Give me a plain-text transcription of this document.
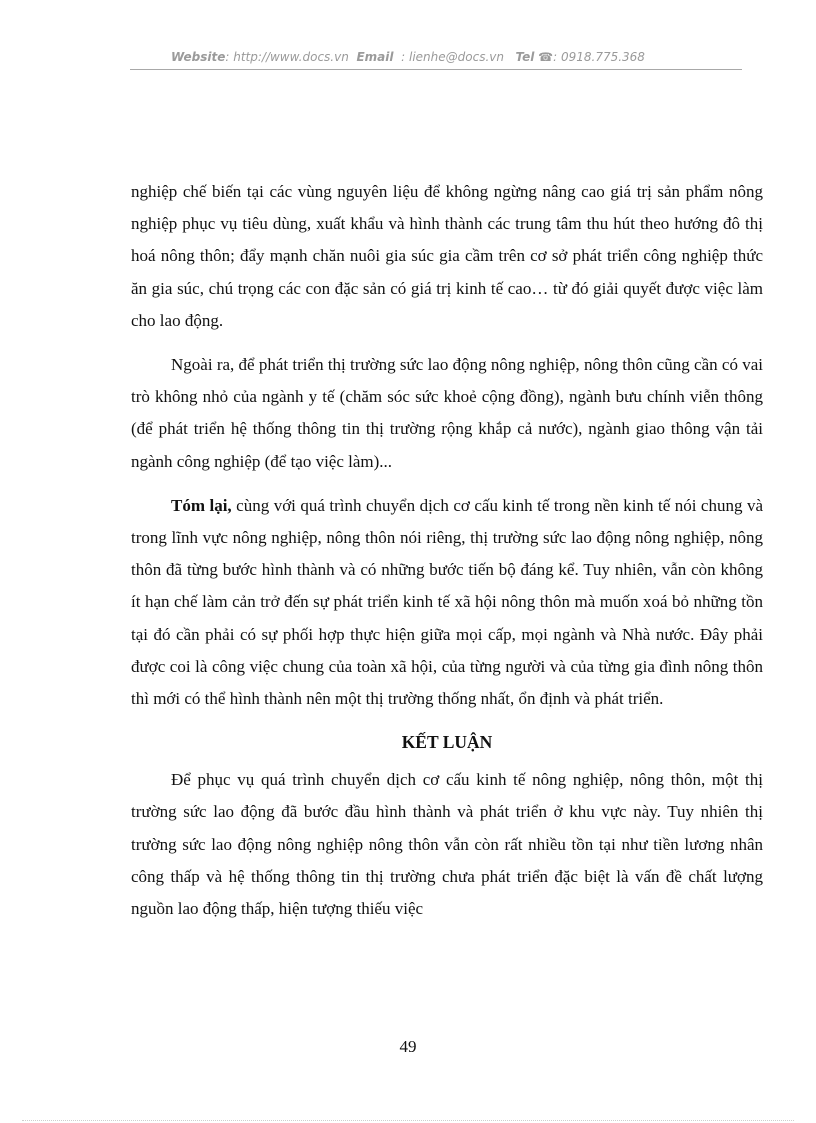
Website: http://www.docs.vn Email : lienhe@docs.vn Tel ☎: 0918.775.368

nghiệp chế biến tại các vùng nguyên liệu để không ngừng nâng cao giá trị sản phẩm nông nghiệp phục vụ tiêu dùng, xuất khẩu và hình thành các trung tâm thu hút theo hướng đô thị hoá nông thôn; đẩy mạnh chăn nuôi gia súc gia cầm trên cơ sở phát triển công nghiệp thức ăn gia súc, chú trọng các con đặc sản có giá trị kinh tế cao… từ đó giải quyết được việc làm cho lao động.

Ngoài ra, để phát triển thị trường sức lao động nông nghiệp, nông thôn cũng cần có vai trò không nhỏ của ngành y tế (chăm sóc sức khoẻ cộng đồng), ngành bưu chính viễn thông (để phát triển hệ thống thông tin thị trường rộng khắp cả nước), ngành giao thông vận tải ngành công nghiệp (để tạo việc làm)...

Tóm lại, cùng với quá trình chuyển dịch cơ cấu kinh tế trong nền kinh tế nói chung và trong lĩnh vực nông nghiệp, nông thôn nói riêng, thị trường sức lao động nông nghiệp, nông thôn đã từng bước hình thành và có những bước tiến bộ đáng kể. Tuy nhiên, vẫn còn không ít hạn chế làm cản trở đến sự phát triển kinh tế xã hội nông thôn mà muốn xoá bỏ những tồn tại đó cần phải có sự phối hợp thực hiện giữa mọi cấp, mọi ngành và Nhà nước. Đây phải được coi là công việc chung của toàn xã hội, của từng người và của từng gia đình nông thôn thì mới có thể hình thành nên một thị trường thống nhất, ổn định và phát triển.

KẾT LUẬN

Để phục vụ quá trình chuyển dịch cơ cấu kinh tế nông nghiệp, nông thôn, một thị trường sức lao động đã bước đầu hình thành và phát triển ở khu vực này. Tuy nhiên thị trường sức lao động nông nghiệp nông thôn vẫn còn rất nhiều tồn tại như tiền lương nhân công thấp và hệ thống thông tin thị trường chưa phát triển đặc biệt là vấn đề chất lượng nguồn lao động thấp, hiện tượng thiếu việc

49
